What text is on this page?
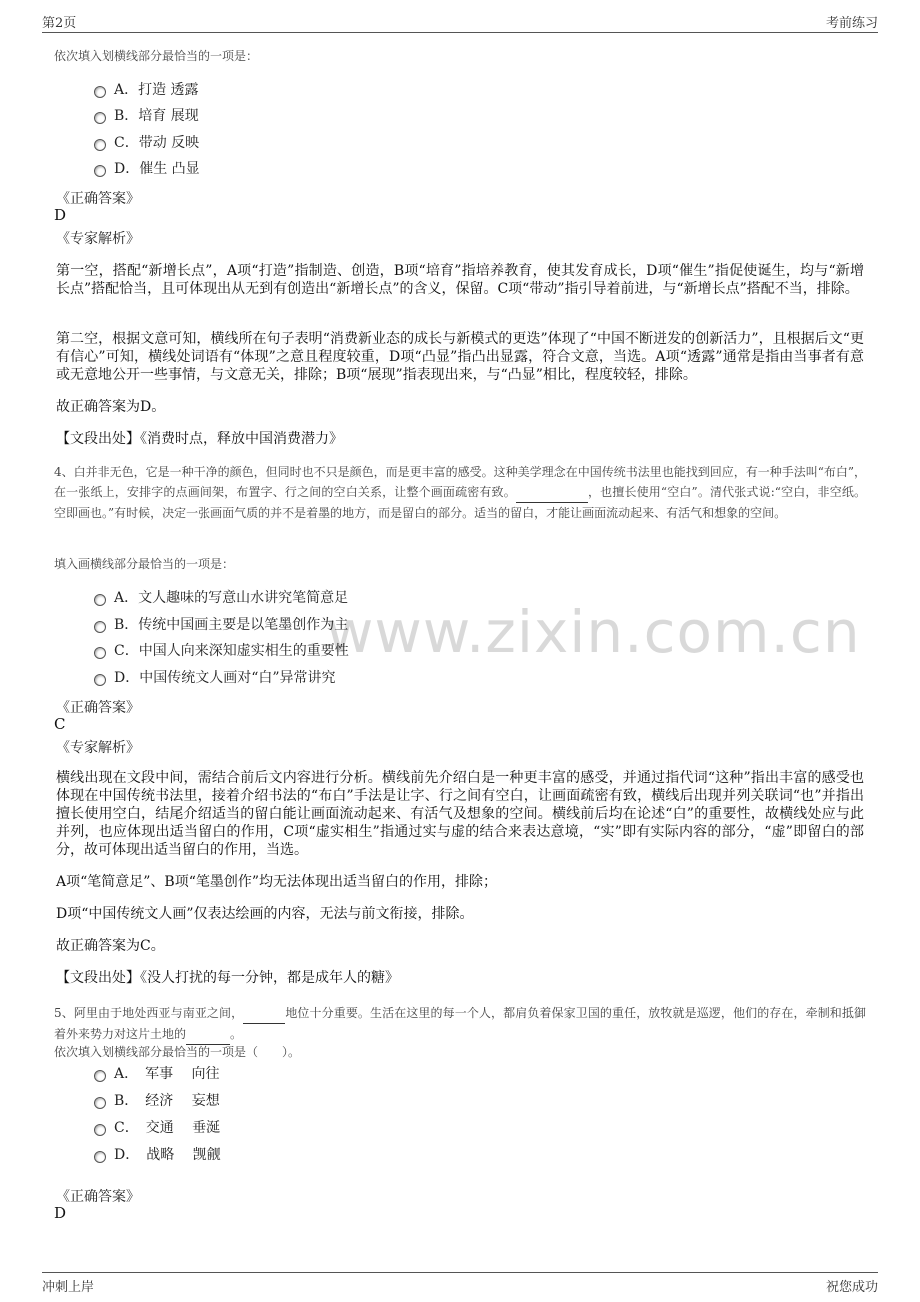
第2页	考前练习
www.zixin.com.cn
依次填入划横线部分最恰当的一项是：
A．打造 透露
B．培育 展现
C．带动 反映
D．催生 凸显
《正确答案》
D
《专家解析》
第一空，搭配“新增长点”，A项“打造”指制造、创造，B项“培育”指培养教育，使其发育成长，D项“催生”指促使诞生，均与“新增长点”搭配恰当，且可体现出从无到有创造出“新增长点”的含义，保留。C项“带动”指引导着前进，与“新增长点”搭配不当，排除。
第二空，根据文意可知，横线所在句子表明“消费新业态的成长与新模式的更迭”体现了“中国不断迸发的创新活力”，且根据后文“更有信心”可知，横线处词语有“体现”之意且程度较重，D项“凸显”指凸出显露，符合文意，当选。A项“透露”通常是指由当事者有意或无意地公开一些事情，与文意无关，排除；B项“展现”指表现出来，与“凸显”相比，程度较轻，排除。
故正确答案为D。
【文段出处】《消费时点，释放中国消费潜力》
4、白并非无色，它是一种干净的颜色，但同时也不只是颜色，而是更丰富的感受。这种美学理念在中国传统书法里也能找到回应，有一种手法叫“布白”，在一张纸上，安排字的点画间架，布置字、行之间的空白关系，让整个画面疏密有致。	，也擅长使用“空白”。清代张式说:“空白，非空纸。空即画也。”有时候，决定一张画面气质的并不是着墨的地方，而是留白的部分。适当的留白，才能让画面流动起来、有活气和想象的空间。
填入画横线部分最恰当的一项是：
A．文人趣味的写意山水讲究笔简意足
B．传统中国画主要是以笔墨创作为主
C．中国人向来深知虚实相生的重要性
D．中国传统文人画对“白”异常讲究
《正确答案》
C
《专家解析》
横线出现在文段中间，需结合前后文内容进行分析。横线前先介绍白是一种更丰富的感受，并通过指代词“这种”指出丰富的感受也体现在中国传统书法里，接着介绍书法的“布白”手法是让字、行之间有空白，让画面疏密有致，横线后出现并列关联词“也”并指出擅长使用空白，结尾介绍适当的留白能让画面流动起来、有活气及想象的空间。横线前后均在论述“白”的重要性，故横线处应与此并列，也应体现出适当留白的作用，C项“虚实相生”指通过实与虚的结合来表达意境，“实”即有实际内容的部分，“虚”即留白的部分，故可体现出适当留白的作用，当选。
A项“笔简意足”、B项“笔墨创作”均无法体现出适当留白的作用，排除；
D项“中国传统文人画”仅表达绘画的内容，无法与前文衔接，排除。
故正确答案为C。
【文段出处】《没人打扰的每一分钟，都是成年人的糖》
5、阿里由于地处西亚与南亚之间，	地位十分重要。生活在这里的每一个人，都肩负着保家卫国的重任，放牧就是巡逻，他们的存在，牵制和抵御着外来势力对这片土地的	。
依次填入划横线部分最恰当的一项是（　　）。
A．　军事　 向往
B．　经济　 妄想
C．　交通　 垂涎
D．　战略　 觊觎
《正确答案》
D
冲刺上岸	祝您成功
